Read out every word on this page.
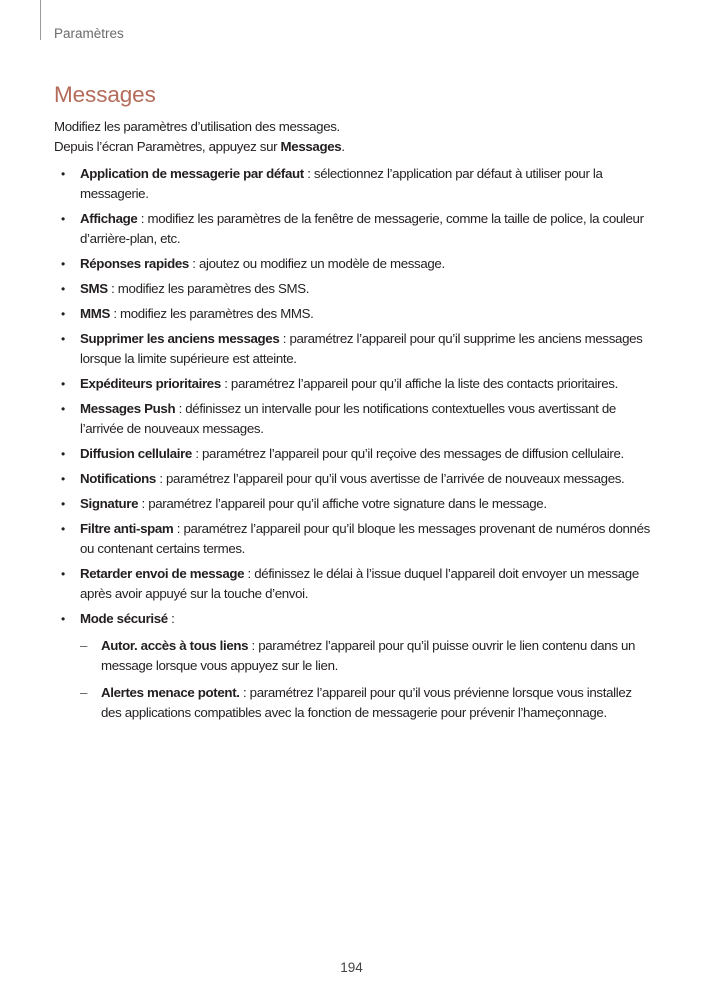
Paramètres
Messages

Modifiez les paramètres d’utilisation des messages.

Depuis l’écran Paramètres, appuyez sur Messages.

• Application de messagerie par défaut : sélectionnez l’application par défaut à utiliser pour la messagerie.
• Affichage : modifiez les paramètres de la fenêtre de messagerie, comme la taille de police, la couleur d’arrière-plan, etc.
• Réponses rapides : ajoutez ou modifiez un modèle de message.
• SMS : modifiez les paramètres des SMS.
• MMS : modifiez les paramètres des MMS.
• Supprimer les anciens messages : paramétrez l’appareil pour qu’il supprime les anciens messages lorsque la limite supérieure est atteinte.
• Expéditeurs prioritaires : paramétrez l’appareil pour qu’il affiche la liste des contacts prioritaires.
• Messages Push : définissez un intervalle pour les notifications contextuelles vous avertissant de l’arrivée de nouveaux messages.
• Diffusion cellulaire : paramétrez l’appareil pour qu’il reçoive des messages de diffusion cellulaire.
• Notifications : paramétrez l’appareil pour qu’il vous avertisse de l’arrivée de nouveaux messages.
• Signature : paramétrez l’appareil pour qu’il affiche votre signature dans le message.
• Filtre anti-spam : paramétrez l’appareil pour qu’il bloque les messages provenant de numéros donnés ou contenant certains termes.
• Retarder envoi de message : définissez le délai à l’issue duquel l’appareil doit envoyer un message après avoir appuyé sur la touche d’envoi.
• Mode sécurisé :
– Autor. accès à tous liens : paramétrez l’appareil pour qu’il puisse ouvrir le lien contenu dans un message lorsque vous appuyez sur le lien.
– Alertes menace potent. : paramétrez l’appareil pour qu’il vous prévienne lorsque vous installez des applications compatibles avec la fonction de messagerie pour prévenir l’hameçonnage.
194
